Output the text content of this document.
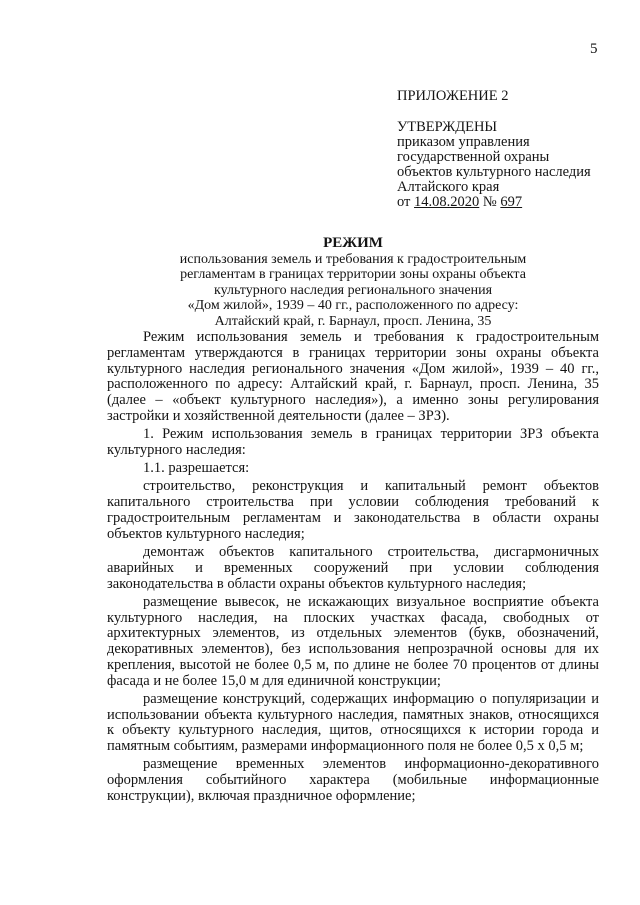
5
ПРИЛОЖЕНИЕ 2
УТВЕРЖДЕНЫ
приказом управления
государственной охраны
объектов культурного наследия
Алтайского края
от 14.08.2020 № 697
РЕЖИМ
использования земель и требования к градостроительным
регламентам в границах территории зоны охраны объекта
культурного наследия регионального значения
«Дом жилой», 1939 – 40 гг., расположенного по адресу:
Алтайский край, г. Барнаул, просп. Ленина, 35

Режим использования земель и требования к градостроительным регламентам утверждаются в границах территории зоны охраны объекта культурного наследия регионального значения «Дом жилой», 1939 – 40 гг., расположенного по адресу: Алтайский край, г. Барнаул, просп. Ленина, 35 (далее – «объект культурного наследия»), а именно зоны регулирования застройки и хозяйственной деятельности (далее – ЗРЗ).

1. Режим использования земель в границах территории ЗРЗ объекта культурного наследия:

1.1. разрешается:

строительство, реконструкция и капитальный ремонт объектов капитального строительства при условии соблюдения требований к градостроительным регламентам и законодательства в области охраны объектов культурного наследия;

демонтаж объектов капитального строительства, дисгармоничных аварийных и временных сооружений при условии соблюдения законодательства в области охраны объектов культурного наследия;

размещение вывесок, не искажающих визуальное восприятие объекта культурного наследия, на плоских участках фасада, свободных от архитектурных элементов, из отдельных элементов (букв, обозначений, декоративных элементов), без использования непрозрачной основы для их крепления, высотой не более 0,5 м, по длине не более 70 процентов от длины фасада и не более 15,0 м для единичной конструкции;

размещение конструкций, содержащих информацию о популяризации и использовании объекта культурного наследия, памятных знаков, относящихся к объекту культурного наследия, щитов, относящихся к истории города и памятным событиям, размерами информационного поля не более 0,5 х 0,5 м;

размещение временных элементов информационно-декоративного оформления событийного характера (мобильные информационные конструкции), включая праздничное оформление;
